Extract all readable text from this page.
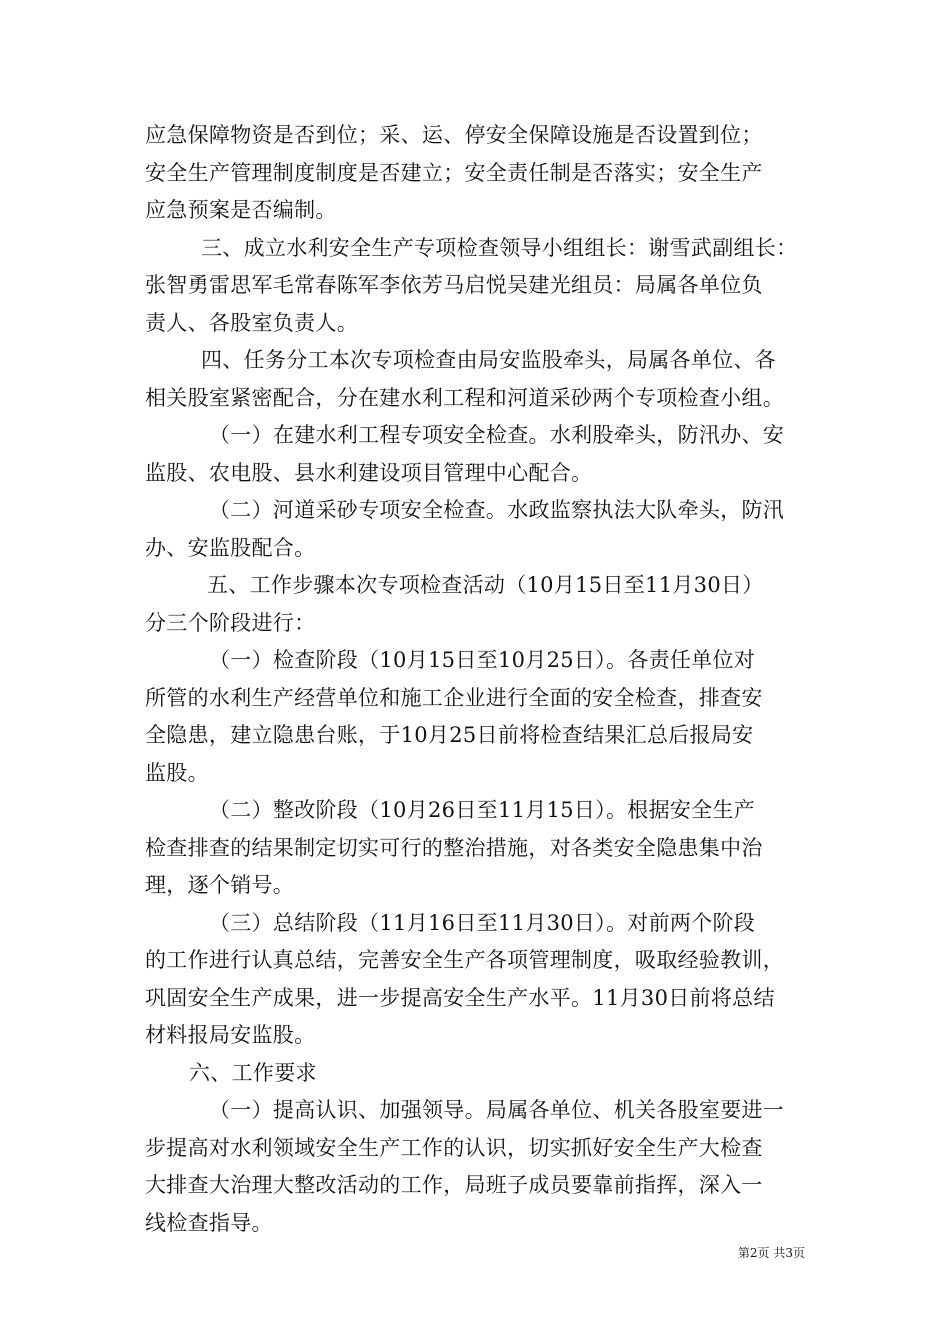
应急保障物资是否到位；采、运、停安全保障设施是否设置到位；
安全生产管理制度制度是否建立；安全责任制是否落实；安全生产
应急预案是否编制。
三、成立水利安全生产专项检查领导小组组长：谢雪武副组长：
张智勇雷思军毛常春陈军李依芳马启悦吴建光组员：局属各单位负
责人、各股室负责人。
四、任务分工本次专项检查由局安监股牵头，局属各单位、各
相关股室紧密配合，分在建水利工程和河道采砂两个专项检查小组。
（一）在建水利工程专项安全检查。水利股牵头，防汛办、安
监股、农电股、县水利建设项目管理中心配合。
（二）河道采砂专项安全检查。水政监察执法大队牵头，防汛
办、安监股配合。
五、工作步骤本次专项检查活动（10月15日至11月30日）
分三个阶段进行：
（一）检查阶段（10月15日至10月25日）。各责任单位对
所管的水利生产经营单位和施工企业进行全面的安全检查，排查安
全隐患，建立隐患台账，于10月25日前将检查结果汇总后报局安
监股。
（二）整改阶段（10月26日至11月15日）。根据安全生产
检查排查的结果制定切实可行的整治措施，对各类安全隐患集中治
理，逐个销号。
（三）总结阶段（11月16日至11月30日）。对前两个阶段
的工作进行认真总结，完善安全生产各项管理制度，吸取经验教训，
巩固安全生产成果，进一步提高安全生产水平。11月30日前将总结
材料报局安监股。
六、工作要求
（一）提高认识、加强领导。局属各单位、机关各股室要进一
步提高对水利领域安全生产工作的认识，切实抓好安全生产大检查
大排查大治理大整改活动的工作，局班子成员要靠前指挥，深入一
线检查指导。
第2页 共3页
